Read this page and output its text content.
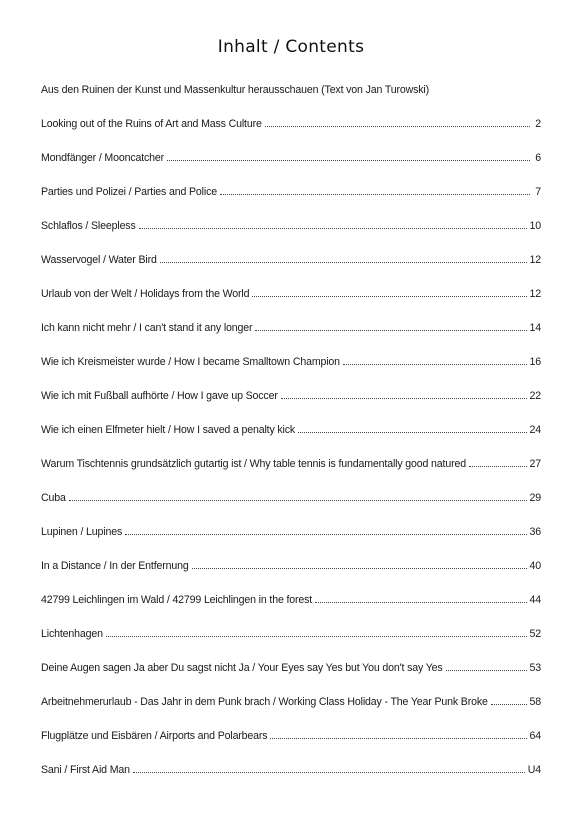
Inhalt / Contents
Aus den Ruinen der Kunst und Massenkultur herausschauen (Text von Jan Turowski)
Looking out of the Ruins of Art and Mass Culture	2
Mondfänger / Mooncatcher	6
Parties und Polizei / Parties and Police	7
Schlaflos / Sleepless	10
Wasservogel / Water Bird	12
Urlaub von der Welt / Holidays from the World	12
Ich kann nicht mehr / I can't stand it any longer	14
Wie ich Kreismeister wurde / How I became Smalltown Champion	16
Wie ich mit Fußball aufhörte / How I gave up Soccer	22
Wie ich einen Elfmeter hielt / How I saved a penalty kick	24
Warum Tischtennis grundsätzlich gutartig ist / Why table tennis is fundamentally good natured	27
Cuba	29
Lupinen / Lupines	36
In a Distance / In der Entfernung	40
42799 Leichlingen im Wald / 42799 Leichlingen in the forest	44
Lichtenhagen	52
Deine Augen sagen Ja aber Du sagst nicht Ja / Your Eyes say Yes but You don't say Yes	53
Arbeitnehmerurlaub - Das Jahr in dem Punk brach / Working Class Holiday - The Year Punk Broke	58
Flugplätze und Eisbären / Airports and Polarbears	64
Sani / First Aid Man	U4
